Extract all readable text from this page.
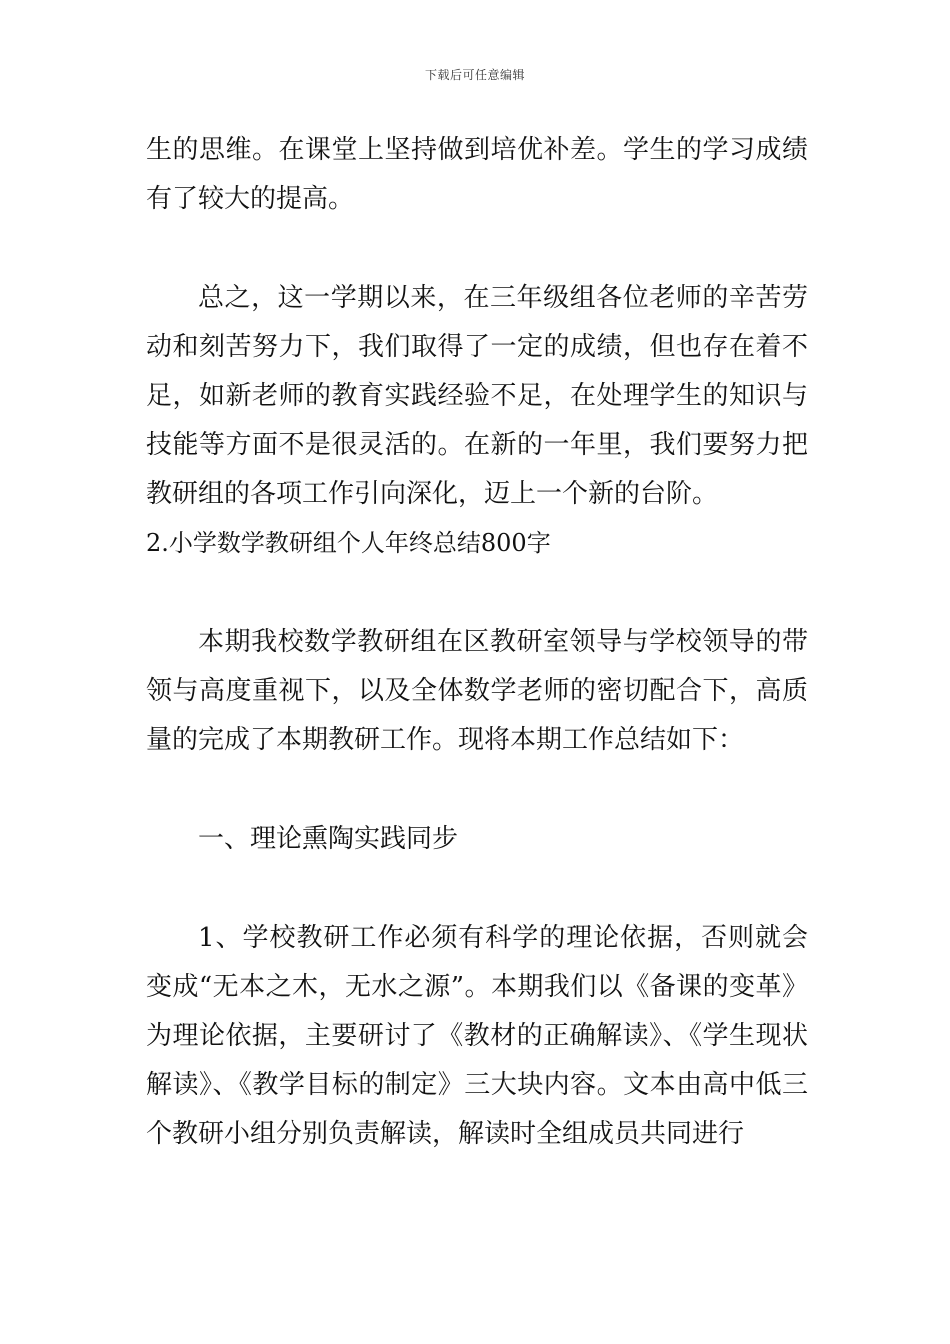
下载后可任意编辑

生的思维。在课堂上坚持做到培优补差。学生的学习成绩有了较大的提高。

总之，这一学期以来，在三年级组各位老师的辛苦劳动和刻苦努力下，我们取得了一定的成绩，但也存在着不足，如新老师的教育实践经验不足，在处理学生的知识与技能等方面不是很灵活的。在新的一年里，我们要努力把教研组的各项工作引向深化，迈上一个新的台阶。

2.小学数学教研组个人年终总结800字

本期我校数学教研组在区教研室领导与学校领导的带领与高度重视下，以及全体数学老师的密切配合下，高质量的完成了本期教研工作。现将本期工作总结如下：

一、理论熏陶实践同步

1、学校教研工作必须有科学的理论依据，否则就会变成“无本之木，无水之源”。本期我们以《备课的变革》为理论依据，主要研讨了《教材的正确解读》、《学生现状解读》、《教学目标的制定》三大块内容。文本由高中低三个教研小组分别负责解读，解读时全组成员共同进行
